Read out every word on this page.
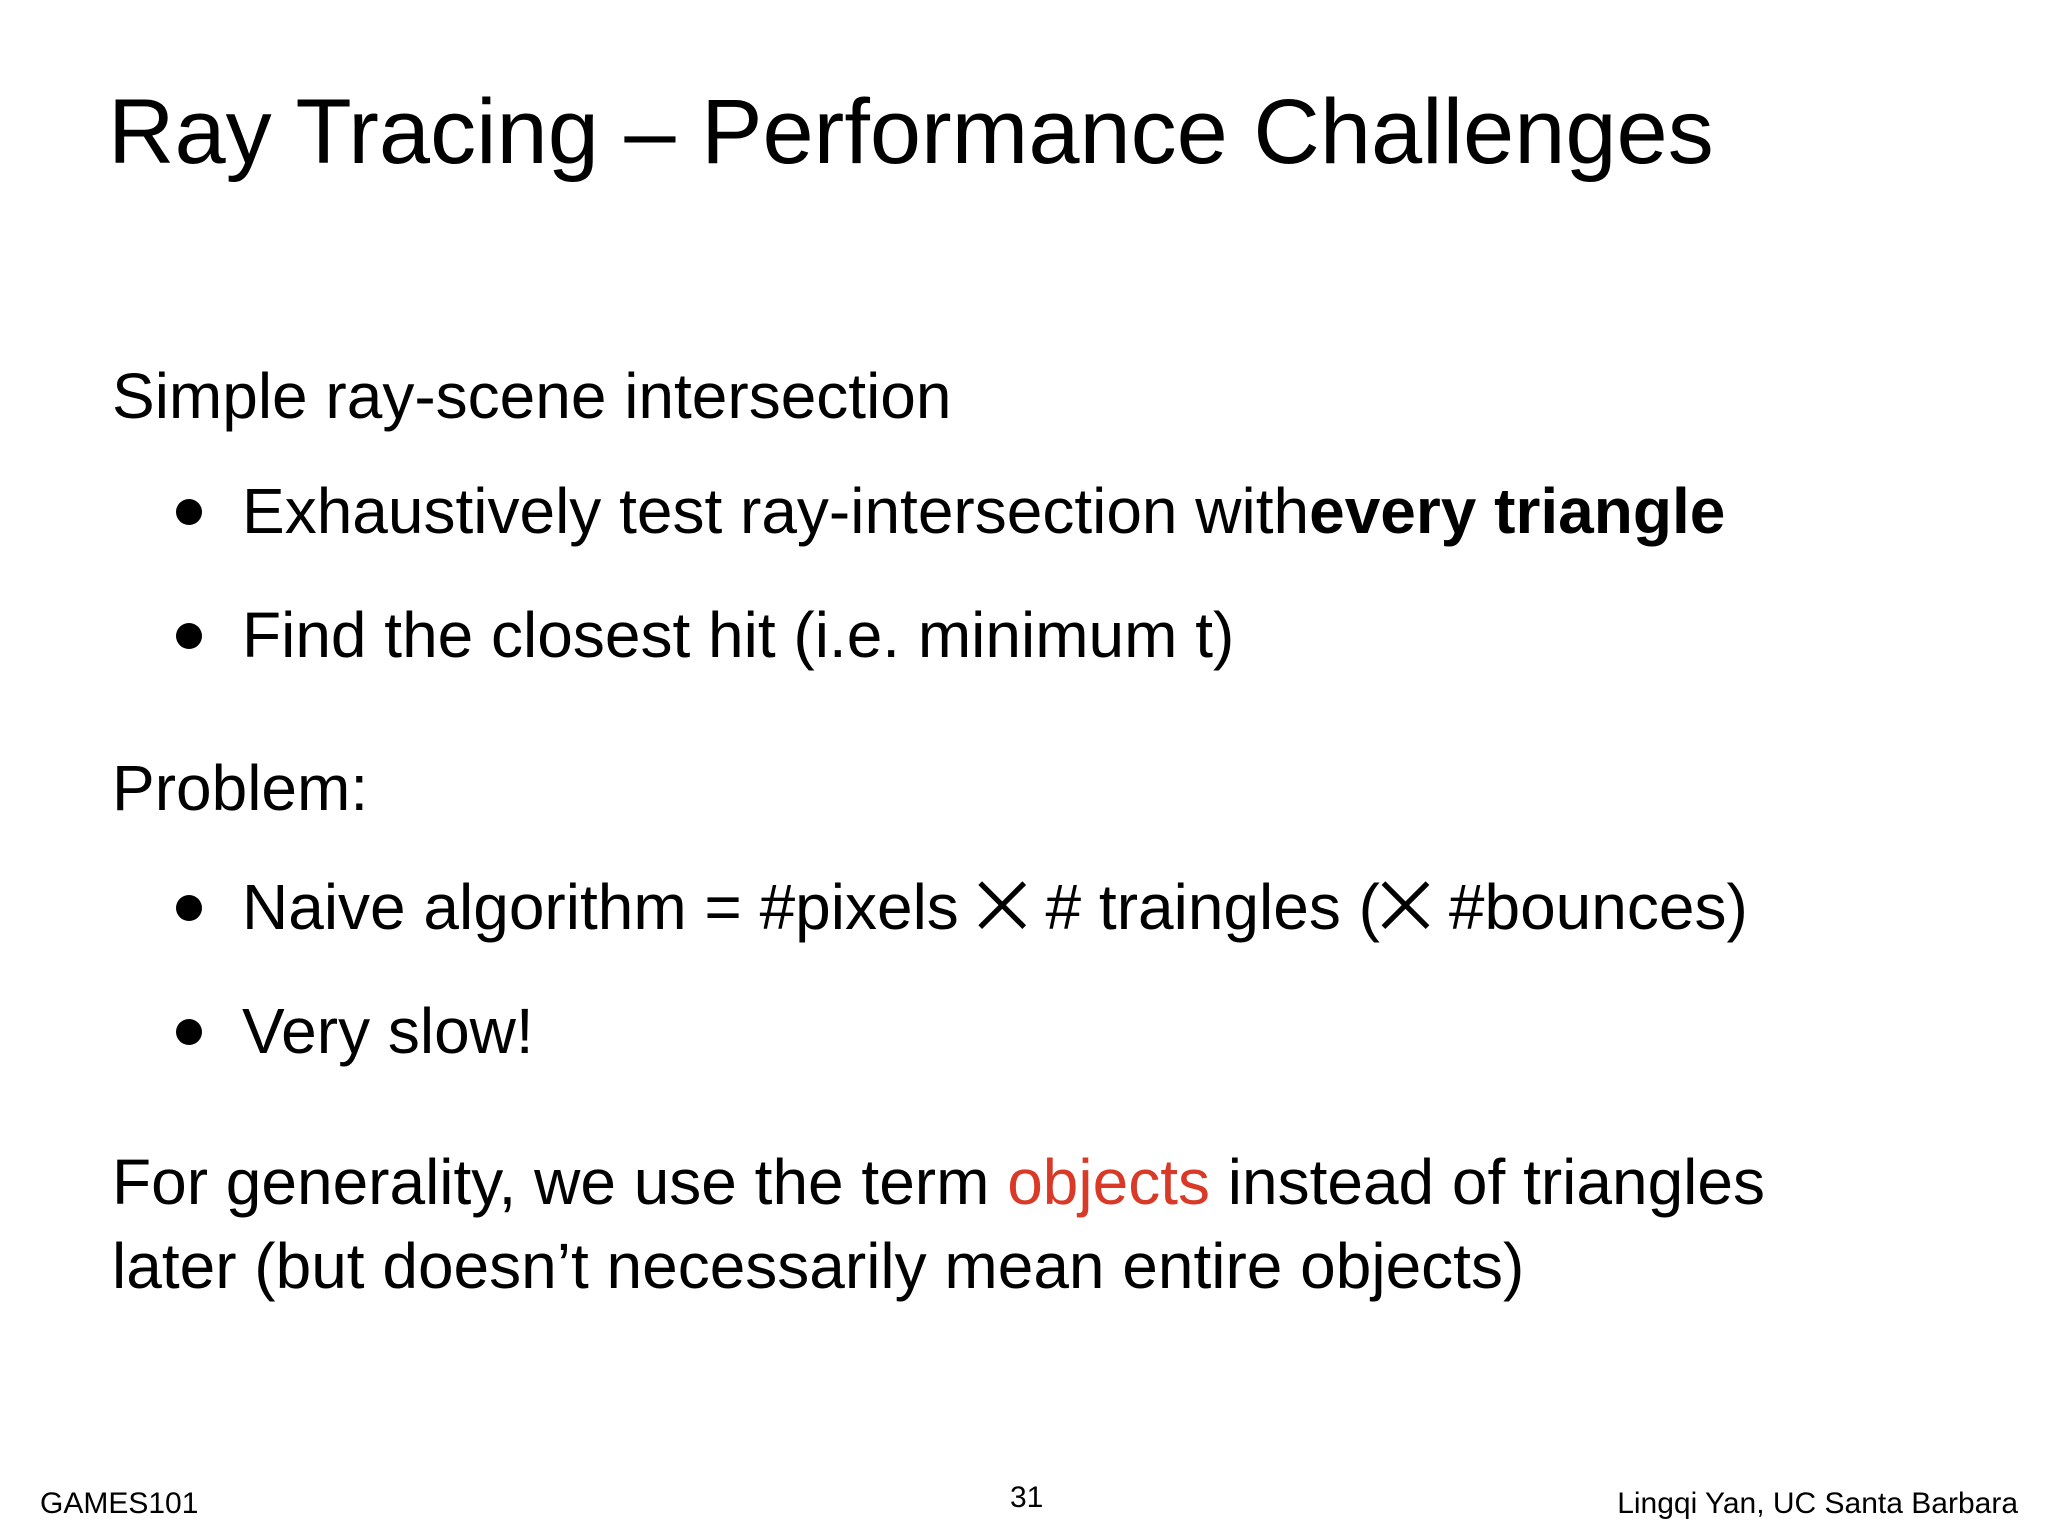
Ray Tracing – Performance Challenges
Simple ray-scene intersection
Exhaustively test ray-intersection with every triangle
Find the closest hit (i.e. minimum t)
Problem:
Naive algorithm = #pixels ⨉ # traingles (⨉ #bounces)
Very slow!
For generality, we use the term objects instead of triangles
later (but doesn’t necessarily mean entire objects)
GAMES101	31	Lingqi Yan, UC Santa Barbara
